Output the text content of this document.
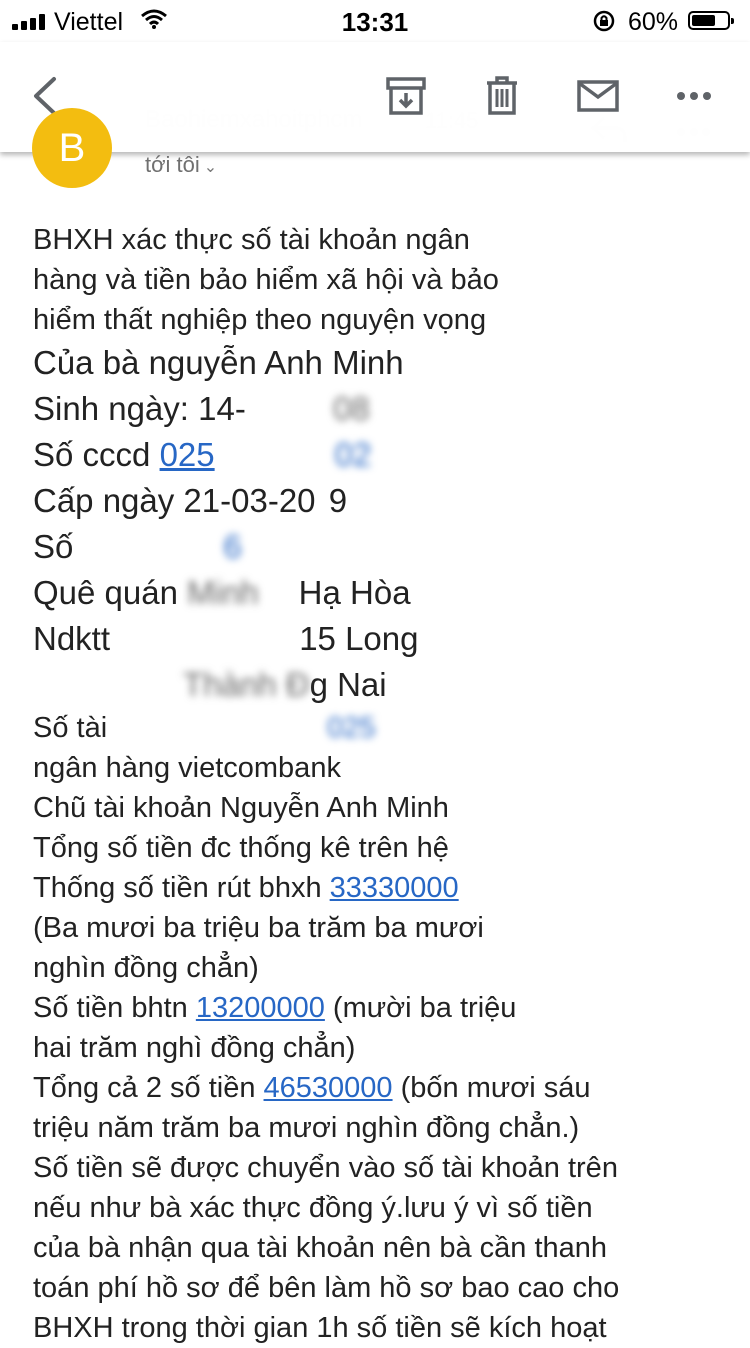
Viettel	13:31	60%
B	tới tôi ⌄
BHXH xác thực số tài khoản ngân
hàng và tiền bảo hiểm xã hội và bảo
hiểm thất nghiệp theo nguyện vọng
Của bà nguyễn Anh Minh
Sinh ngày: 14-	08
Số cccd 025	02
Cấp ngày 21-03-20 9
Số	6
Quê quán Minh Hạ Hòa
Ndktt	15 Long
Thành Đg Nai
Số tài	025
ngân hàng vietcombank
Chũ tài khoản Nguyễn Anh Minh
Tổng số tiền đc thống kê trên hệ
Thống số tiền rút bhxh 33330000
(Ba mươi ba triệu ba trăm ba mươi
nghìn đồng chẳn)
Số tiền bhtn 13200000 (mười ba triệu
hai trăm nghì đồng chẳn)
Tổng cả 2 số tiền 46530000 (bốn mươi sáu
triệu năm trăm ba mươi nghìn đồng chẳn.)
Số tiền sẽ được chuyển vào số tài khoản trên
nếu như bà xác thực đồng ý.lưu ý vì số tiền
của bà nhận qua tài khoản nên bà cần thanh
toán phí hồ sơ để bên làm hồ sơ bao cao cho
BHXH trong thời gian 1h số tiền sẽ kích hoạt
